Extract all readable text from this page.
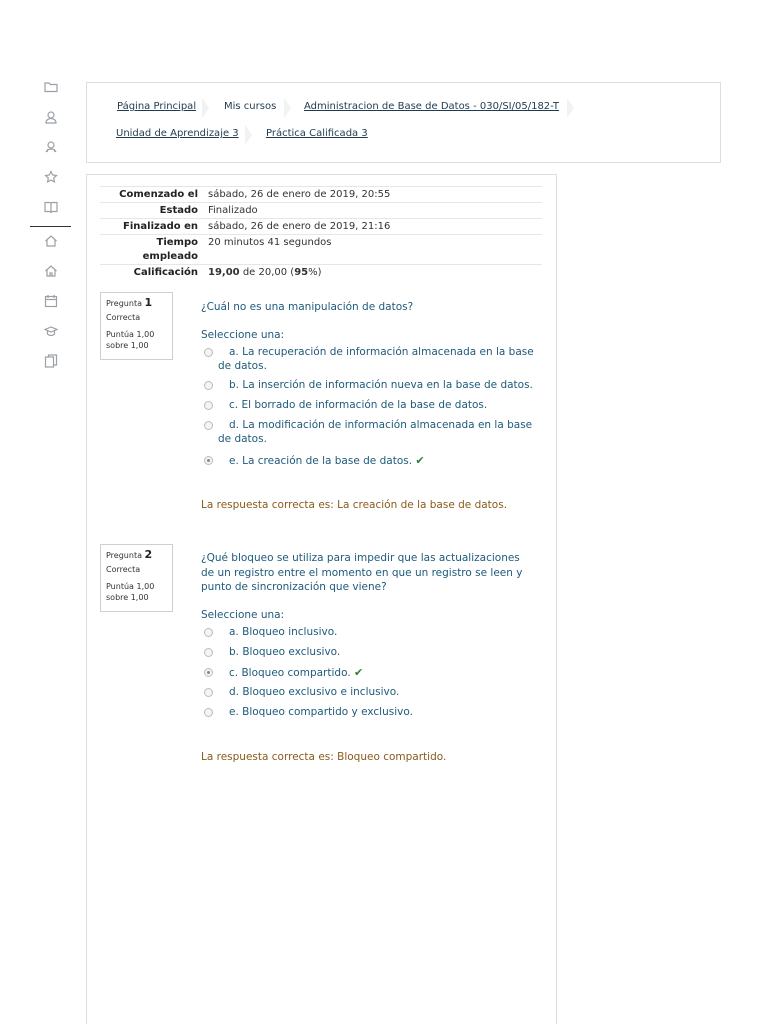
Página Principal	Mis cursos	Administracion de Base de Datos - 030/SI/05/182-T
Unidad de Aprendizaje 3	Práctica Calificada 3
Comenzado el sábado, 26 de enero de 2019, 20:55
Estado Finalizado
Finalizado en sábado, 26 de enero de 2019, 21:16
Tiempo empleado
20 minutos 41 segundos
Calificación 19,00 de 20,00 (95%)
Pregunta 1
Correcta
Puntúa 1,00 sobre 1,00
¿Cuál no es una manipulación de datos?
Seleccione una:
a. La recuperación de información almacenada en la base de datos.
b. La inserción de información nueva en la base de datos.
c. El borrado de información de la base de datos.
d. La modificación de información almacenada en la base de datos.
e. La creación de la base de datos. ✔
La respuesta correcta es: La creación de la base de datos.
Pregunta 2
Correcta
Puntúa 1,00 sobre 1,00
¿Qué bloqueo se utiliza para impedir que las actualizaciones de un registro entre el momento en que un registro se leen y punto de sincronización que viene?
Seleccione una:
a. Bloqueo inclusivo.
b. Bloqueo exclusivo.
c. Bloqueo compartido. ✔
d. Bloqueo exclusivo e inclusivo.
e. Bloqueo compartido y exclusivo.
La respuesta correcta es: Bloqueo compartido.
